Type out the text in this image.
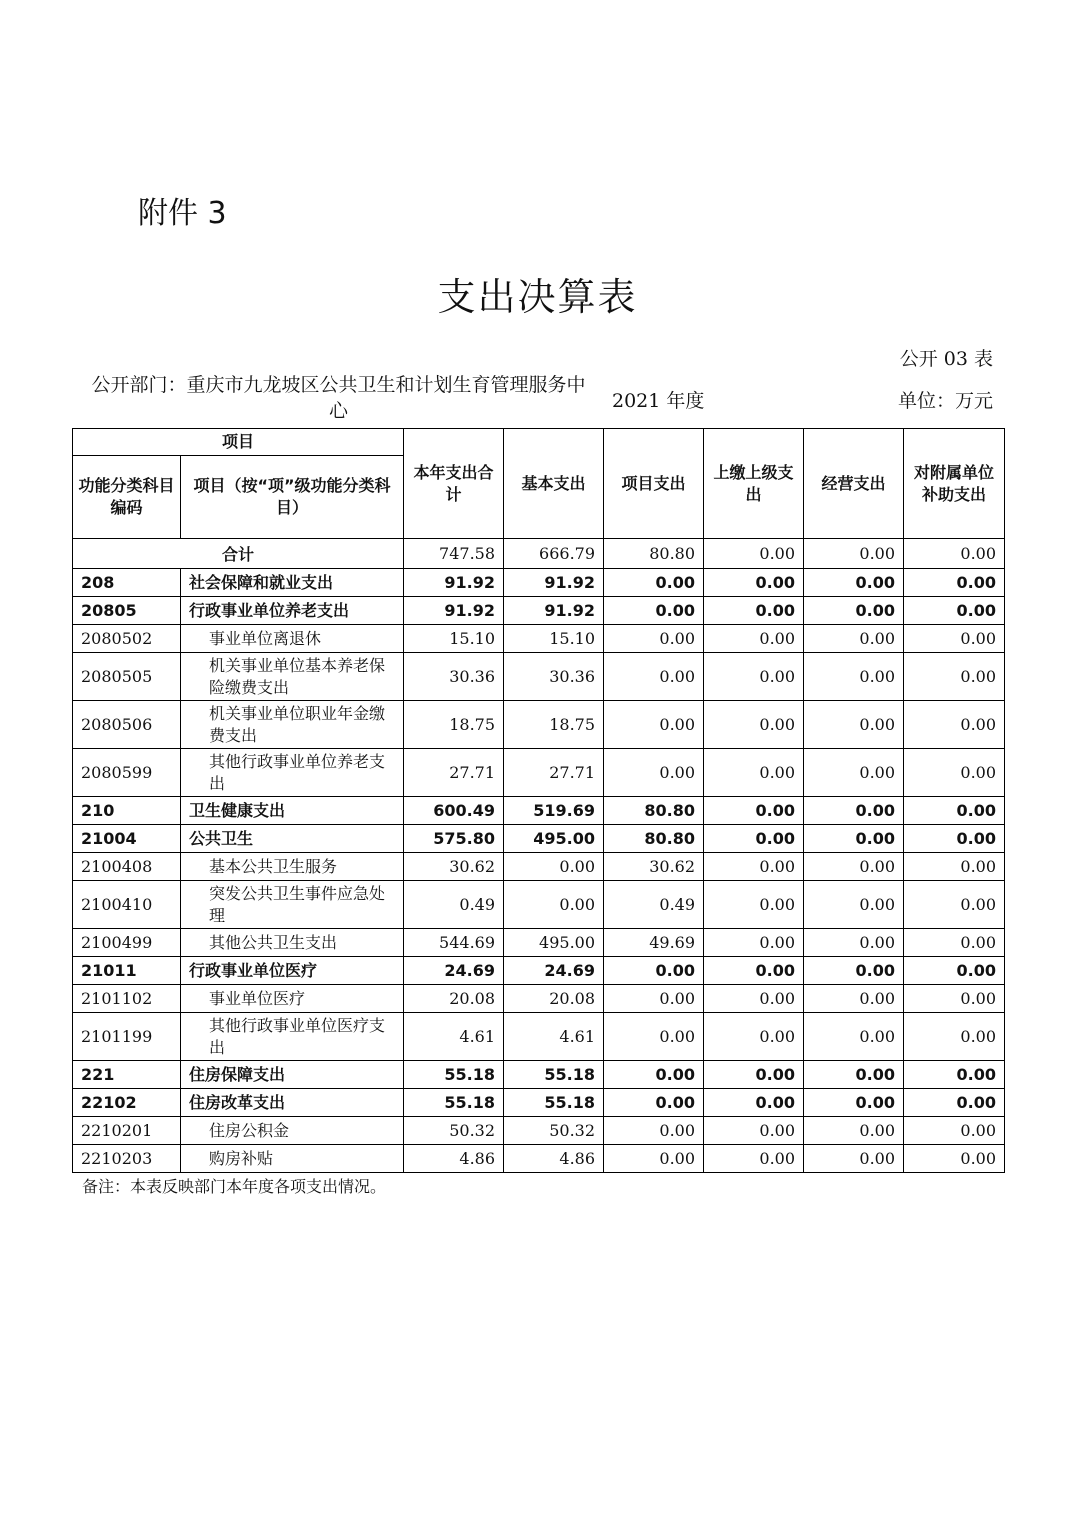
附件 3
支出决算表
公开 03 表
公开部门：重庆市九龙坡区公共卫生和计划生育管理服务中心	2021 年度	单位：万元
项目		本年支出合计	基本支出	项目支出	上缴上级支出	经营支出	对附属单位补助支出
功能分类科目编码	项目（按“项”级功能分类科目）						
合计		747.58	666.79	80.80	0.00	0.00	0.00
208	社会保障和就业支出	91.92	91.92	0.00	0.00	0.00	0.00
20805	行政事业单位养老支出	91.92	91.92	0.00	0.00	0.00	0.00
2080502	事业单位离退休	15.10	15.10	0.00	0.00	0.00	0.00
2080505	机关事业单位基本养老保险缴费支出	30.36	30.36	0.00	0.00	0.00	0.00
2080506	机关事业单位职业年金缴费支出	18.75	18.75	0.00	0.00	0.00	0.00
2080599	其他行政事业单位养老支出	27.71	27.71	0.00	0.00	0.00	0.00
210	卫生健康支出	600.49	519.69	80.80	0.00	0.00	0.00
21004	公共卫生	575.80	495.00	80.80	0.00	0.00	0.00
2100408	基本公共卫生服务	30.62	0.00	30.62	0.00	0.00	0.00
2100410	突发公共卫生事件应急处理	0.49	0.00	0.49	0.00	0.00	0.00
2100499	其他公共卫生支出	544.69	495.00	49.69	0.00	0.00	0.00
21011	行政事业单位医疗	24.69	24.69	0.00	0.00	0.00	0.00
2101102	事业单位医疗	20.08	20.08	0.00	0.00	0.00	0.00
2101199	其他行政事业单位医疗支出	4.61	4.61	0.00	0.00	0.00	0.00
221	住房保障支出	55.18	55.18	0.00	0.00	0.00	0.00
22102	住房改革支出	55.18	55.18	0.00	0.00	0.00	0.00
2210201	住房公积金	50.32	50.32	0.00	0.00	0.00	0.00
2210203	购房补贴	4.86	4.86	0.00	0.00	0.00	0.00
备注：本表反映部门本年度各项支出情况。
